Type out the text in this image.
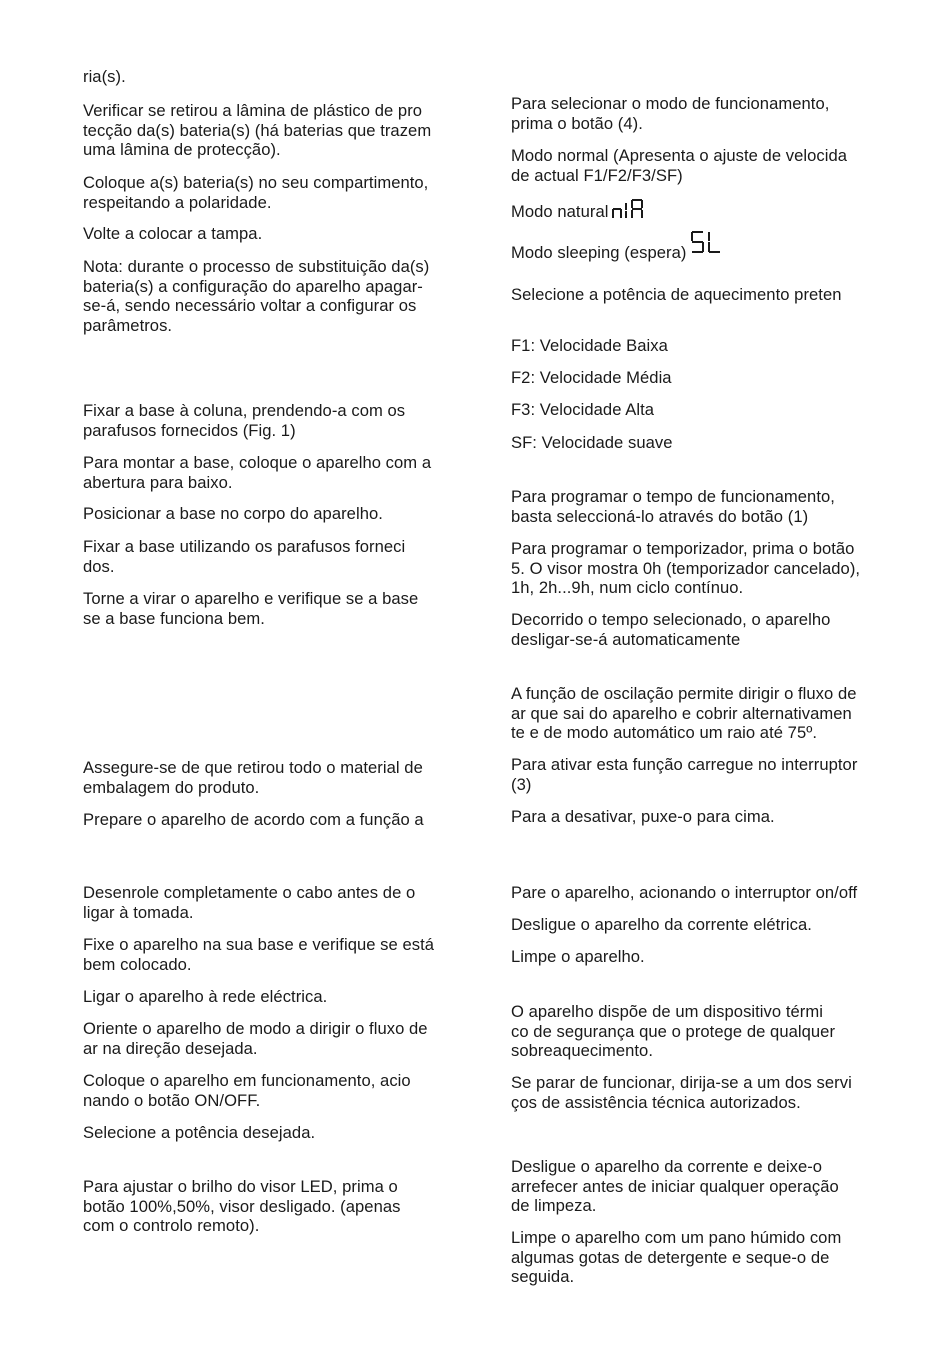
ria(s).

Verificar se retirou a lâmina de plástico de pro
tecção da(s) bateria(s) (há baterias que trazem
uma lâmina de protecção).

Coloque a(s) bateria(s) no seu compartimento,
respeitando a polaridade.

Volte a colocar a tampa.

Nota: durante o processo de substituição da(s)
bateria(s) a configuração do aparelho apagar-
se-á, sendo necessário voltar a configurar os
parâmetros.

Fixar a base à coluna, prendendo-a com os
parafusos fornecidos (Fig. 1)

Para montar a base, coloque o aparelho com a
abertura para baixo.

Posicionar a base no corpo do aparelho.

Fixar a base utilizando os parafusos forneci
dos.

Torne a virar o aparelho e verifique se a base
se a base funciona bem.

Assegure-se de que retirou todo o material de
embalagem do produto.

Prepare o aparelho de acordo com a função a

Desenrole completamente o cabo antes de o
ligar à tomada.

Fixe o aparelho na sua base e verifique se está
bem colocado.

Ligar o aparelho à rede eléctrica.

Oriente o aparelho de modo a dirigir o fluxo de
ar na direção desejada.

Coloque o aparelho em funcionamento, acio
nando o botão ON/OFF.

Selecione a potência desejada.

Para ajustar o brilho do visor LED, prima o
botão 100%,50%, visor desligado. (apenas
com o controlo remoto).

Para selecionar o modo de funcionamento,
prima o botão (4).

Modo normal (Apresenta o ajuste de velocida
de actual F1/F2/F3/SF)

Modo natural

Modo sleeping (espera)

Selecione a potência de aquecimento preten

F1: Velocidade Baixa

F2: Velocidade Média

F3: Velocidade Alta

SF: Velocidade suave

Para programar o tempo de funcionamento,
basta seleccioná-lo através do botão (1)

Para programar o temporizador, prima o botão
5. O visor mostra 0h (temporizador cancelado),
1h, 2h...9h, num ciclo contínuo.

Decorrido o tempo selecionado, o aparelho
desligar-se-á automaticamente

A função de oscilação permite dirigir o fluxo de
ar que sai do aparelho e cobrir alternativamen
te e de modo automático um raio até 75º.

Para ativar esta função carregue no interruptor
(3)

Para a desativar, puxe-o para cima.

Pare o aparelho, acionando o interruptor on/off

Desligue o aparelho da corrente elétrica.

Limpe o aparelho.

O aparelho dispõe de um dispositivo térmi
co de segurança que o protege de qualquer
sobreaquecimento.

Se parar de funcionar, dirija-se a um dos servi
ços de assistência técnica autorizados.

Desligue o aparelho da corrente e deixe-o
arrefecer antes de iniciar qualquer operação
de limpeza.

Limpe o aparelho com um pano húmido com
algumas gotas de detergente e seque-o de
seguida.
